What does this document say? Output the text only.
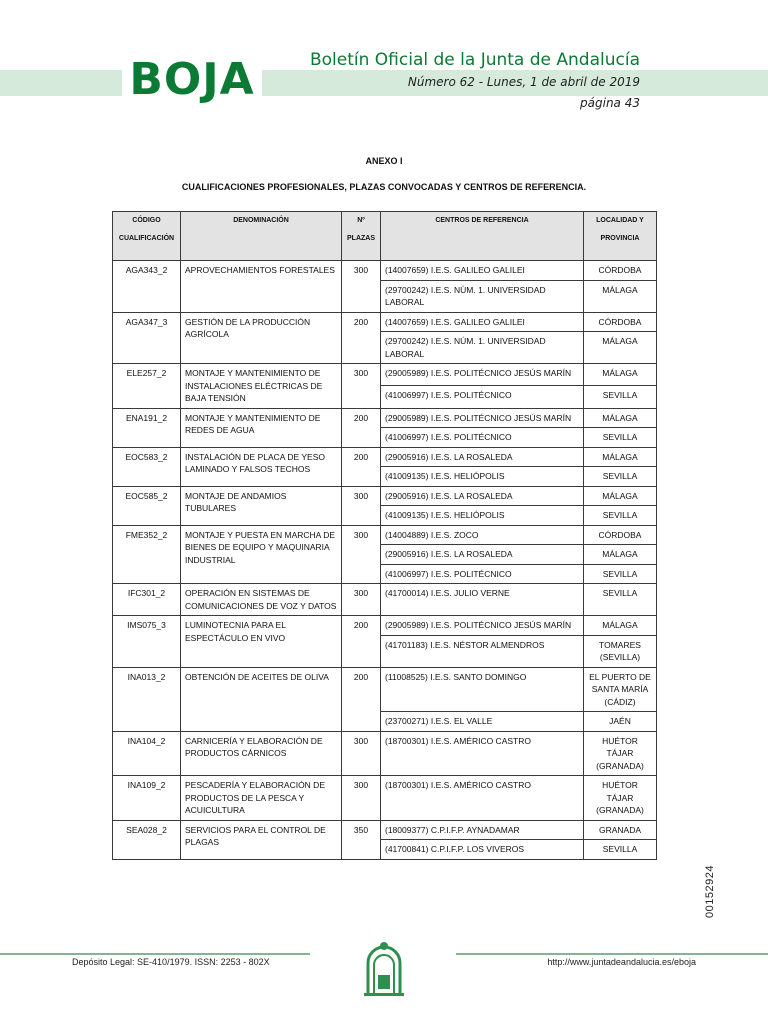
BOJA	Boletín Oficial de la Junta de Andalucía
Número 62 - Lunes, 1 de abril de 2019
página 43
ANEXO I
CUALIFICACIONES PROFESIONALES, PLAZAS CONVOCADAS Y CENTROS DE REFERENCIA.
CÓDIGO CUALIFICACIÓN	DENOMINACIÓN	Nº PLAZAS	CENTROS DE REFERENCIA	LOCALIDAD Y PROVINCIA
AGA343_2	APROVECHAMIENTOS FORESTALES	300	(14007659) I.E.S. GALILEO GALILEI	CÓRDOBA
			(29700242) I.E.S. NÚM. 1. UNIVERSIDAD LABORAL	MÁLAGA
AGA347_3	GESTIÓN DE LA PRODUCCIÓN AGRÍCOLA	200	(14007659) I.E.S. GALILEO GALILEI	CÓRDOBA
			(29700242) I.E.S. NÚM. 1. UNIVERSIDAD LABORAL	MÁLAGA
ELE257_2	MONTAJE Y MANTENIMIENTO DE INSTALACIONES ELÉCTRICAS DE BAJA TENSIÓN	300	(29005989) I.E.S. POLITÉCNICO JESÚS MARÍN	MÁLAGA
			(41006997) I.E.S. POLITÉCNICO	SEVILLA
ENA191_2	MONTAJE Y MANTENIMIENTO DE REDES DE AGUA	200	(29005989) I.E.S. POLITÉCNICO JESÚS MARÍN	MÁLAGA
			(41006997) I.E.S. POLITÉCNICO	SEVILLA
EOC583_2	INSTALACIÓN DE PLACA DE YESO LAMINADO Y FALSOS TECHOS	200	(29005916) I.E.S. LA ROSALEDA	MÁLAGA
			(41009135) I.E.S. HELIÓPOLIS	SEVILLA
EOC585_2	MONTAJE DE ANDAMIOS TUBULARES	300	(29005916) I.E.S. LA ROSALEDA	MÁLAGA
			(41009135) I.E.S. HELIÓPOLIS	SEVILLA
FME352_2	MONTAJE Y PUESTA EN MARCHA DE BIENES DE EQUIPO Y MAQUINARIA INDUSTRIAL	300	(14004889) I.E.S. ZOCO	CÓRDOBA
			(29005916) I.E.S. LA ROSALEDA	MÁLAGA
			(41006997) I.E.S. POLITÉCNICO	SEVILLA
IFC301_2	OPERACIÓN EN SISTEMAS DE COMUNICACIONES DE VOZ Y DATOS	300	(41700014) I.E.S. JULIO VERNE	SEVILLA
IMS075_3	LUMINOTECNIA PARA EL ESPECTÁCULO EN VIVO	200	(29005989) I.E.S. POLITÉCNICO JESÚS MARÍN	MÁLAGA
			(41701183) I.E.S. NÉSTOR ALMENDROS	TOMARES (SEVILLA)
INA013_2	OBTENCIÓN DE ACEITES DE OLIVA	200	(11008525) I.E.S. SANTO DOMINGO	EL PUERTO DE SANTA MARÍA (CÁDIZ)
			(23700271) I.E.S. EL VALLE	JAÉN
INA104_2	CARNICERÍA Y ELABORACIÓN DE PRODUCTOS CÁRNICOS	300	(18700301) I.E.S. AMÉRICO CASTRO	HUÉTOR TÁJAR (GRANADA)
INA109_2	PESCADERÍA Y ELABORACIÓN DE PRODUCTOS DE LA PESCA Y ACUICULTURA	300	(18700301) I.E.S. AMÉRICO CASTRO	HUÉTOR TÁJAR (GRANADA)
SEA028_2	SERVICIOS PARA EL CONTROL DE PLAGAS	350	(18009377) C.P.I.F.P. AYNADAMAR	GRANADA
			(41700841) C.P.I.F.P. LOS VIVEROS	SEVILLA
00152924
Depósito Legal: SE-410/1979. ISSN: 2253 - 802X	http://www.juntadeandalucia.es/eboja
